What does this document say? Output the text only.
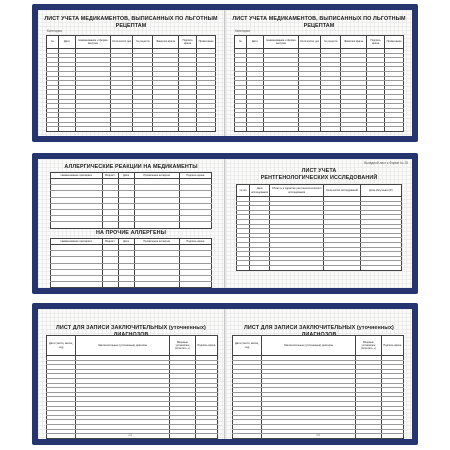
ЛИСТ УЧЕТА МЕДИКАМЕНТОВ, ВЫПИСАННЫХ ПО ЛЬГОТНЫМ РЕЦЕПТАМ
Категория
№	Дата	Наименование и форма выпуска	Количество доз	№ рецепта	Фамилия врача	Подпись врача	Примечание

ЛИСТ УЧЕТА МЕДИКАМЕНТОВ, ВЫПИСАННЫХ ПО ЛЬГОТНЫМ РЕЦЕПТАМ
Категория
№	Дата	Наименование и форма выпуска	Количество доз	№ рецепта	Фамилия врача	Подпись врача	Примечание

АЛЛЕРГИЧЕСКИЕ РЕАКЦИИ НА МЕДИКАМЕНТЫ
Наименование препарата	Возраст	Дата	Проявление аллергии	Подпись врача

НА ПРОЧИЕ АЛЛЕРГЕНЫ
Наименование препарата	Возраст	Дата	Проявление аллергии	Подпись врача

Вкладной лист к Форме № 25
ЛИСТ УЧЕТА
РЕНТГЕНОЛОГИЧЕСКИХ ИССЛЕДОВАНИЙ
№ п/п	Дата исследования	Область и характер рентгенологического исследования	Количество исследований	Доза облучения (Р)

ЛИСТ ДЛЯ ЗАПИСИ ЗАКЛЮЧИТЕЛЬНЫХ (уточненных)
Дата (число, месяц, год)	Заключительные (уточненные) диагнозы	Впервые установлен (отметить +)	Подпись врача

13
ЛИСТ ДЛЯ ЗАПИСИ ЗАКЛЮЧИТЕЛЬНЫХ (уточненных)
Дата (число, месяц, год)	Заключительные (уточненные) диагнозы	Впервые установлен (отметить +)	Подпись врача

14
